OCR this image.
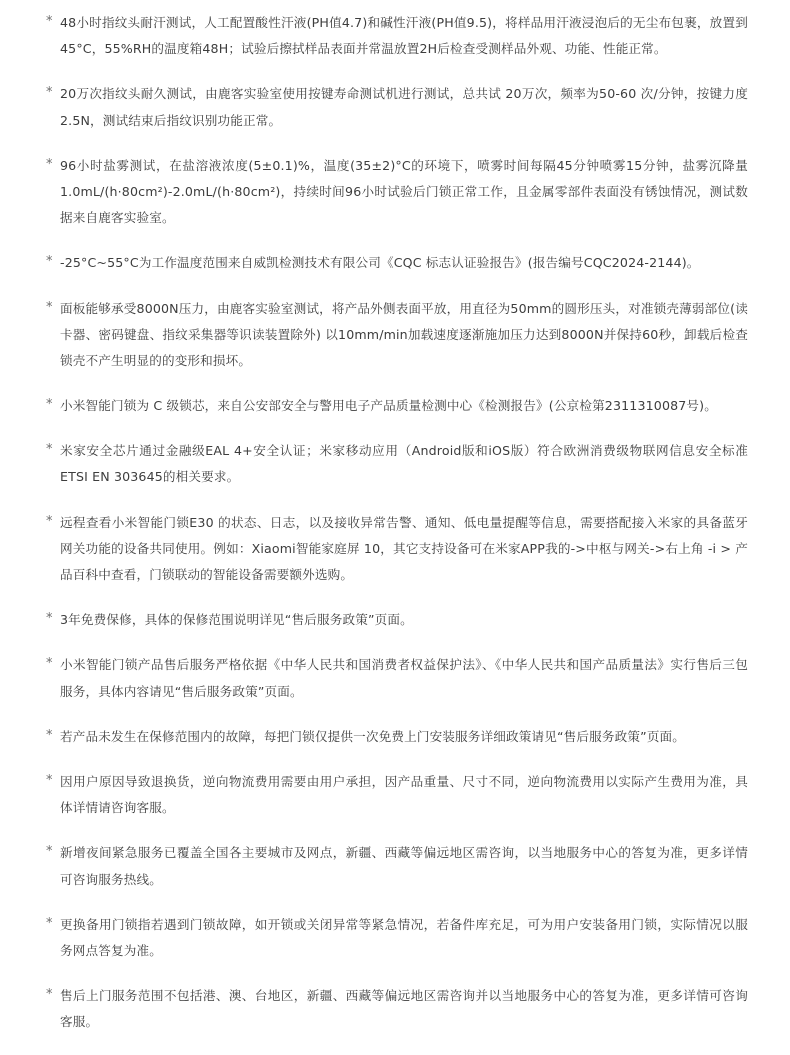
* 48小时指纹头耐汗测试，人工配置酸性汗液(PH值4.7)和碱性汗液(PH值9.5)，将样品用汗液浸泡后的无尘布包裹，放置到45°C，55%RH的温度箱48H；试验后擦拭样品表面并常温放置2H后检查受测样品外观、功能、性能正常。
* 20万次指纹头耐久测试，由鹿客实验室使用按键寿命测试机进行测试，总共试 20万次，频率为50-60 次/分钟，按键力度2.5N，测试结束后指纹识别功能正常。
* 96小时盐雾测试，在盐溶液浓度(5±0.1)%，温度(35±2)°C的环境下，喷雾时间每隔45分钟喷雾15分钟，盐雾沉降量1.0mL/(h·80cm²)-2.0mL/(h·80cm²)，持续时间96小时试验后门锁正常工作，且金属零部件表面没有锈蚀情况，测试数据来自鹿客实验室。
* -25°C~55°C为工作温度范围来自威凯检测技术有限公司《CQC 标志认证验报告》(报告编号CQC2024-2144)。
* 面板能够承受8000N压力，由鹿客实验室测试，将产品外侧表面平放，用直径为50mm的圆形压头，对准锁壳薄弱部位(读卡器、密码键盘、指纹采集器等识读装置除外) 以10mm/min加载速度逐渐施加压力达到8000N并保持60秒，卸载后检查锁壳不产生明显的的变形和损坏。
* 小米智能门锁为 C 级锁芯，来自公安部安全与警用电子产品质量检测中心《检测报告》(公京检第2311310087号)。
* 米家安全芯片通过金融级EAL 4+安全认证；米家移动应用（Android版和iOS版）符合欧洲消费级物联网信息安全标准ETSI EN 303645的相关要求。
* 远程查看小米智能门锁E30 的状态、日志，以及接收异常告警、通知、低电量提醒等信息，需要搭配接入米家的具备蓝牙网关功能的设备共同使用。例如：Xiaomi智能家庭屏 10，其它支持设备可在米家APP我的->中枢与网关->右上角 -i > 产品百科中查看，门锁联动的智能设备需要额外选购。
* 3年免费保修，具体的保修范围说明详见“售后服务政策”页面。
* 小米智能门锁产品售后服务严格依据《中华人民共和国消费者权益保护法》、《中华人民共和国产品质量法》实行售后三包服务，具体内容请见“售后服务政策”页面。
* 若产品未发生在保修范围内的故障，每把门锁仅提供一次免费上门安装服务详细政策请见“售后服务政策”页面。
* 因用户原因导致退换货，逆向物流费用需要由用户承担，因产品重量、尺寸不同，逆向物流费用以实际产生费用为准，具体详情请咨询客服。
* 新增夜间紧急服务已覆盖全国各主要城市及网点，新疆、西藏等偏远地区需咨询，以当地服务中心的答复为准，更多详情可咨询服务热线。
* 更换备用门锁指若遇到门锁故障，如开锁或关闭异常等紧急情况，若备件库充足，可为用户安装备用门锁，实际情况以服务网点答复为准。
* 售后上门服务范围不包括港、澳、台地区，新疆、西藏等偏远地区需咨询并以当地服务中心的答复为准，更多详情可咨询客服。
